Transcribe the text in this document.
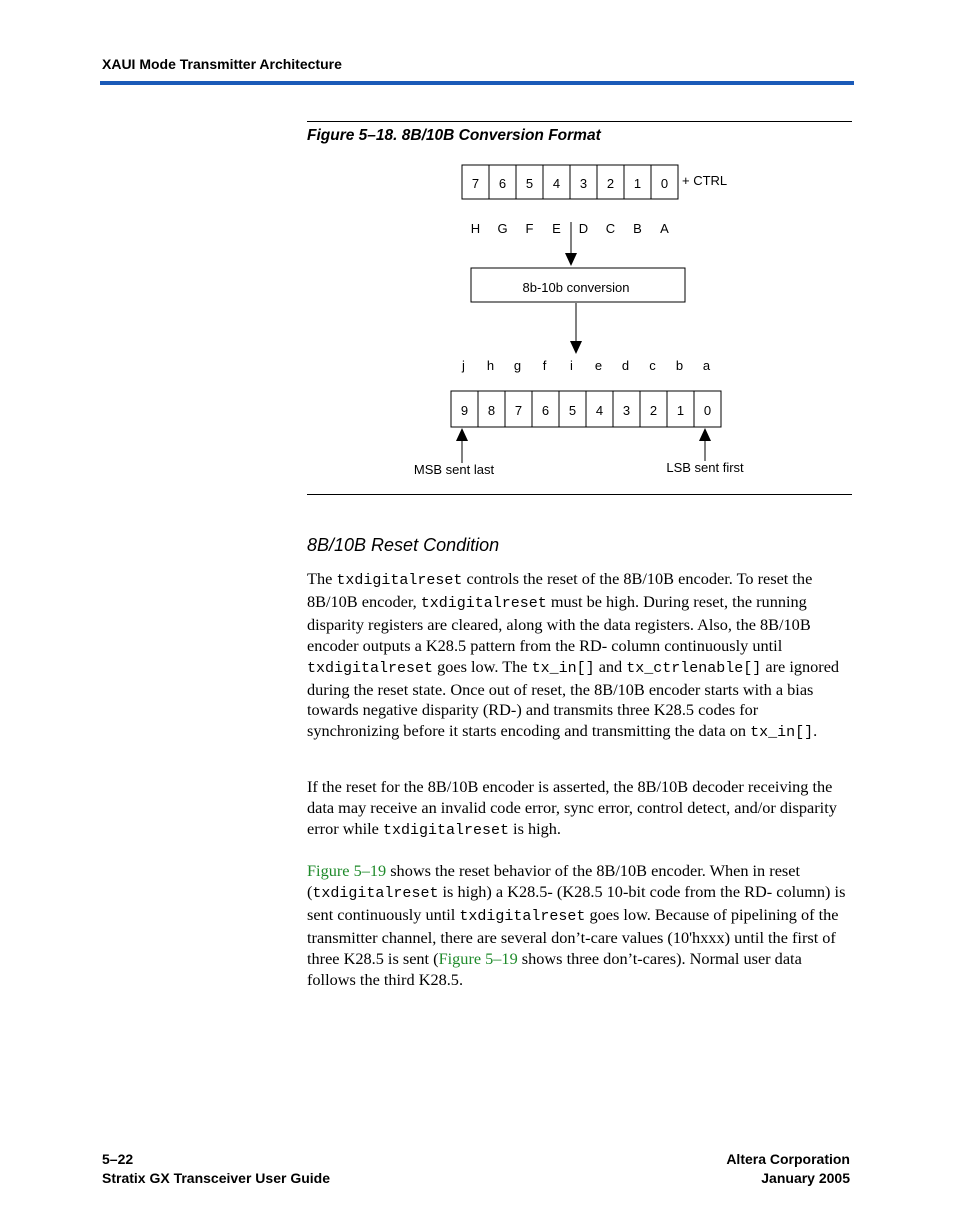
XAUI Mode Transmitter Architecture
Figure 5–18. 8B/10B Conversion Format
7 6 5 4 3 2 1 0 + CTRL
H G F E D C B A
8b-10b conversion
j h g f i e d c b a
9 8 7 6 5 4 3 2 1 0
MSB sent last	LSB sent first
8B/10B Reset Condition

The txdigitalreset controls the reset of the 8B/10B encoder. To reset the 8B/10B encoder, txdigitalreset must be high. During reset, the running disparity registers are cleared, along with the data registers. Also, the 8B/10B encoder outputs a K28.5 pattern from the RD- column continuously until txdigitalreset goes low. The tx_in[] and tx_ctrlenable[] are ignored during the reset state. Once out of reset, the 8B/10B encoder starts with a bias towards negative disparity (RD-) and transmits three K28.5 codes for synchronizing before it starts encoding and transmitting the data on tx_in[].

If the reset for the 8B/10B encoder is asserted, the 8B/10B decoder receiving the data may receive an invalid code error, sync error, control detect, and/or disparity error while txdigitalreset is high.

Figure 5–19 shows the reset behavior of the 8B/10B encoder. When in reset (txdigitalreset is high) a K28.5- (K28.5 10-bit code from the RD- column) is sent continuously until txdigitalreset goes low. Because of pipelining of the transmitter channel, there are several don’t-care values (10'hxxx) until the first of three K28.5 is sent (Figure 5–19 shows three don’t-cares). Normal user data follows the third K28.5.

5–22
Stratix GX Transceiver User Guide
Altera Corporation
January 2005
